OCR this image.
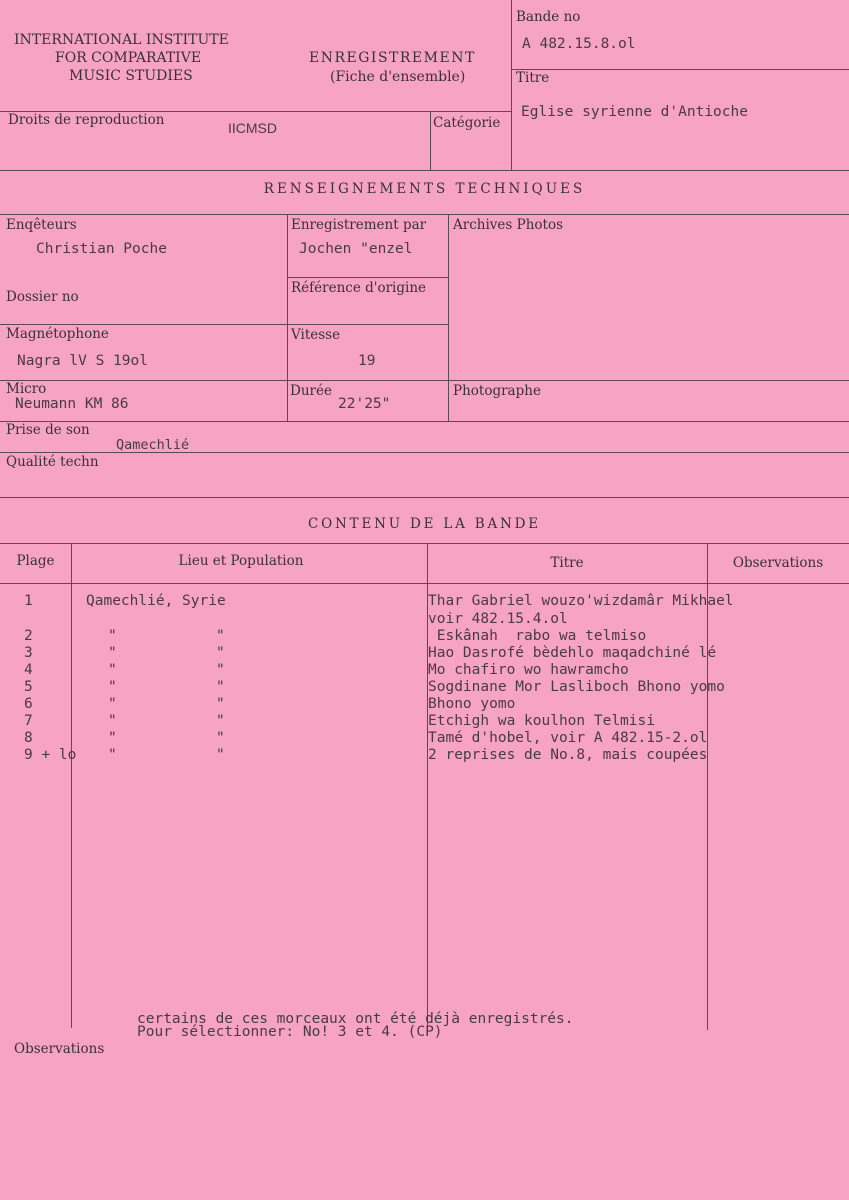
INTERNATIONAL INSTITUTE
FOR COMPARATIVE
MUSIC STUDIES
ENREGISTREMENT
(Fiche d'ensemble)
Bande no
A 482.15.8.ol
Titre
Eglise syrienne d'Antioche
Droits de reproduction	IICMSD	Catégorie
RENSEIGNEMENTS TECHNIQUES
Enqêteurs
Christian Poche
Enregistrement par
Jochen "enzel
Archives Photos
Référence d'origine
Dossier no
Magnétophone
Nagra lV S 19ol
Vitesse
19
Micro
Neumann KM 86
Durée
22'25"
Photographe
Prise de son
Qamechlié
Qualité techn
CONTENU DE LA BANDE
Plage	Lieu et Population	Titre	Observations
1	Qamechlié, Syrie	Thar Gabriel wouzo'wizdamâr Mikhael
voir 482.15.4.ol
2	"	"	Eskânah  rabo wa telmiso
3	"	"	Hao Dasrofé bèdehlo maqadchiné lé
4	"	"	Mo chafiro wo hawramcho
5	"	"	Sogdinane Mor Lasliboch Bhono yomo
6	"	"	Bhono yomo
7	"	"	Etchigh wa koulhon Telmisi
8	"	"	Tamé d'hobel, voir A 482.15-2.ol
9 + lo "	"	2 reprises de No.8, mais coupées
certains de ces morceaux ont été déjà enregistrés.
Pour sélectionner: No! 3 et 4. (CP)
Observations
